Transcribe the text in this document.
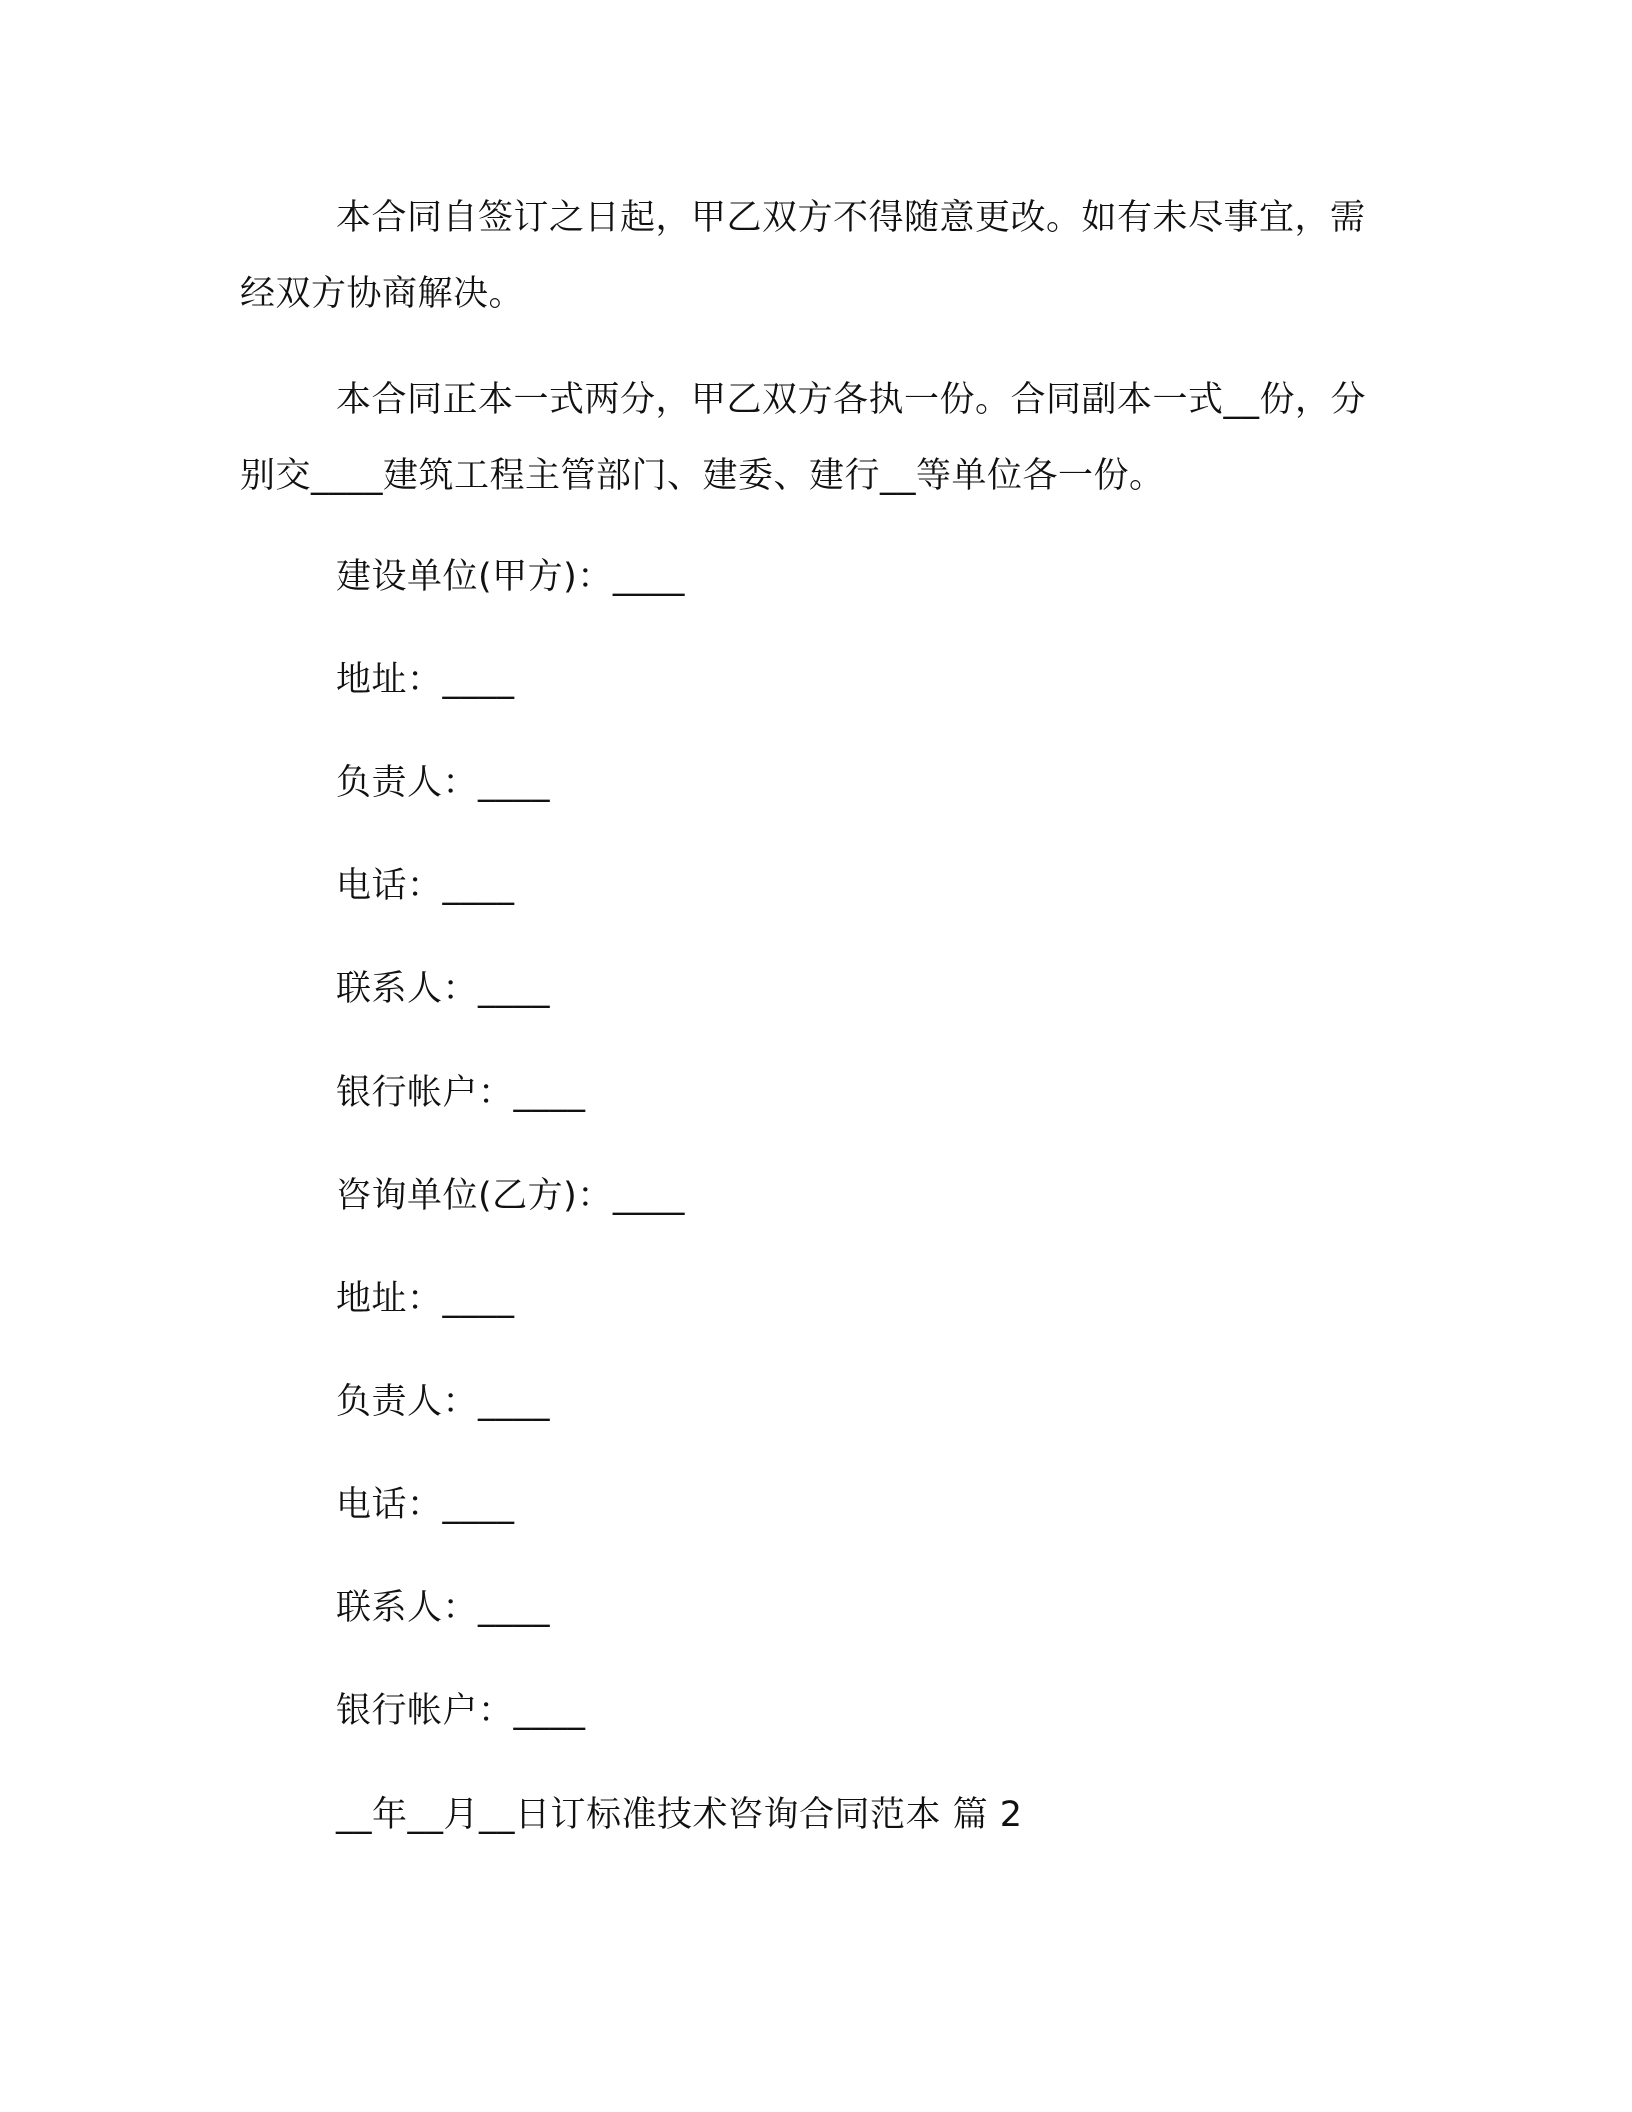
本合同自签订之日起，甲乙双方不得随意更改。如有未尽事宜，需经双方协商解决。

本合同正本一式两分，甲乙双方各执一份。合同副本一式__份，分别交____建筑工程主管部门、建委、建行__等单位各一份。

建设单位(甲方)：____

地址：____

负责人：____

电话：____

联系人：____

银行帐户：____

咨询单位(乙方)：____

地址：____

负责人：____

电话：____

联系人：____

银行帐户：____

__年__月__日订标准技术咨询合同范本 篇 2
